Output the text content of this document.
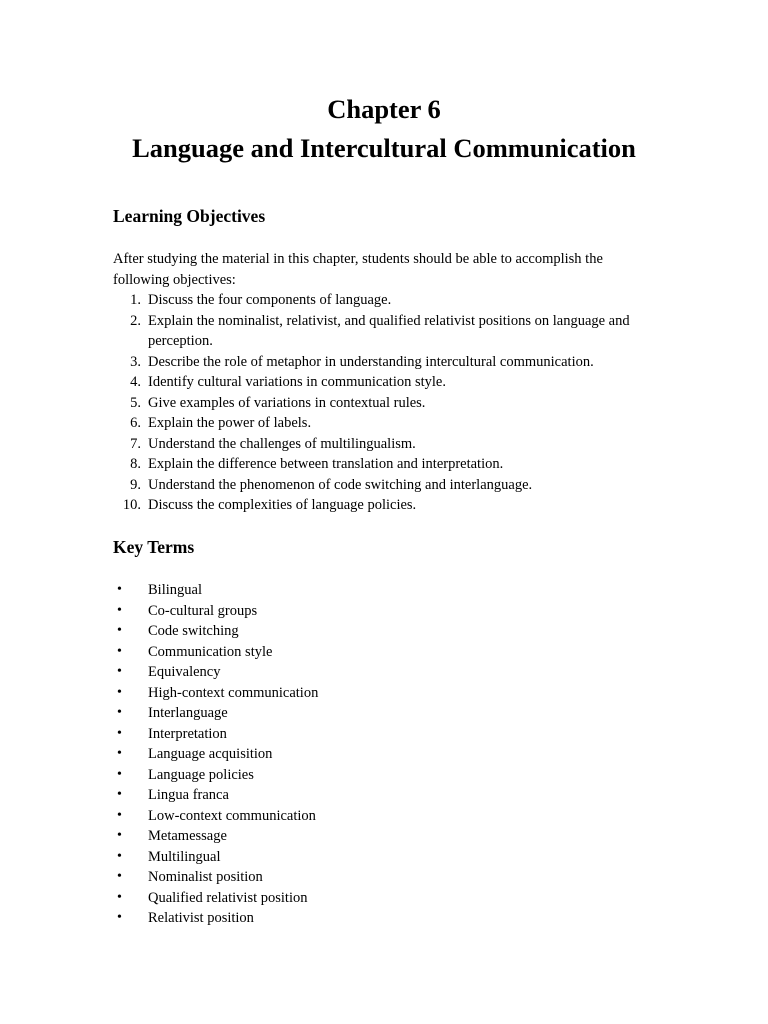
Chapter 6
Language and Intercultural Communication
Learning Objectives
After studying the material in this chapter, students should be able to accomplish the following objectives:
1. Discuss the four components of language.
2. Explain the nominalist, relativist, and qualified relativist positions on language and perception.
3. Describe the role of metaphor in understanding intercultural communication.
4. Identify cultural variations in communication style.
5. Give examples of variations in contextual rules.
6. Explain the power of labels.
7. Understand the challenges of multilingualism.
8. Explain the difference between translation and interpretation.
9. Understand the phenomenon of code switching and interlanguage.
10. Discuss the complexities of language policies.
Key Terms
•	Bilingual
•	Co-cultural groups
•	Code switching
•	Communication style
•	Equivalency
•	High-context communication
•	Interlanguage
•	Interpretation
•	Language acquisition
•	Language policies
•	Lingua franca
•	Low-context communication
•	Metamessage
•	Multilingual
•	Nominalist position
•	Qualified relativist position
•	Relativist position
